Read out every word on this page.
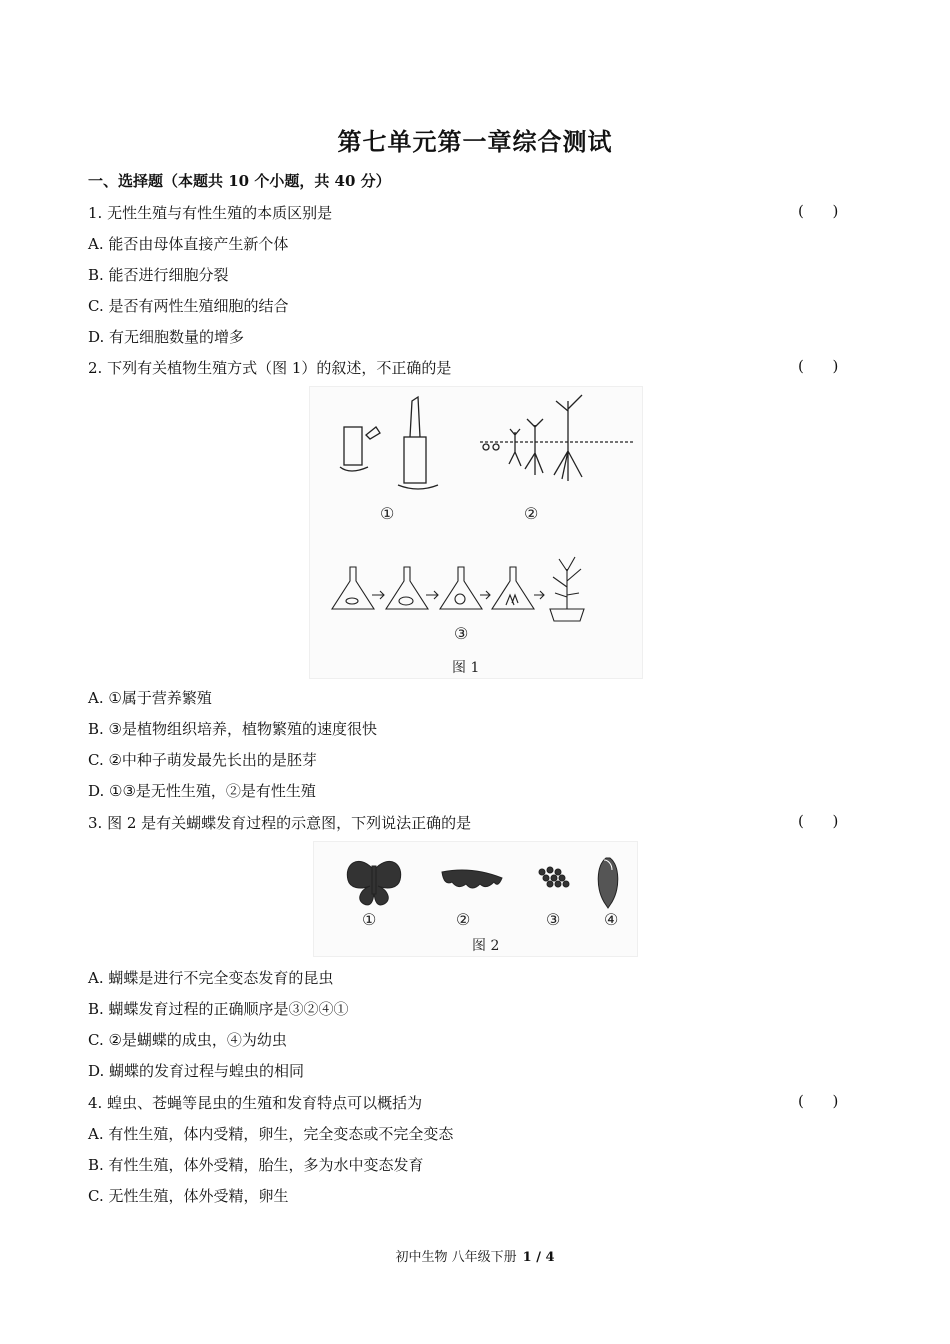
第七单元第一章综合测试
一、选择题（本题共 10 个小题，共 40 分）
1. 无性生殖与有性生殖的本质区别是	(      )
A. 能否由母体直接产生新个体
B. 能否进行细胞分裂
C. 是否有两性生殖细胞的结合
D. 有无细胞数量的增多
2. 下列有关植物生殖方式（图 1）的叙述，不正确的是	(      )
①	②
③
图 1
A. ①属于营养繁殖
B. ③是植物组织培养，植物繁殖的速度很快
C. ②中种子萌发最先长出的是胚芽
D. ①③是无性生殖，②是有性生殖
3. 图 2 是有关蝴蝶发育过程的示意图，下列说法正确的是	(      )
①	②	③	④
图 2
A. 蝴蝶是进行不完全变态发育的昆虫
B. 蝴蝶发育过程的正确顺序是③②④①
C. ②是蝴蝶的成虫，④为幼虫
D. 蝴蝶的发育过程与蝗虫的相同
4. 蝗虫、苍蝇等昆虫的生殖和发育特点可以概括为	(      )
A. 有性生殖，体内受精，卵生，完全变态或不完全变态
B. 有性生殖，体外受精，胎生，多为水中变态发育
C. 无性生殖，体外受精，卵生
初中生物 八年级下册 1 / 4
